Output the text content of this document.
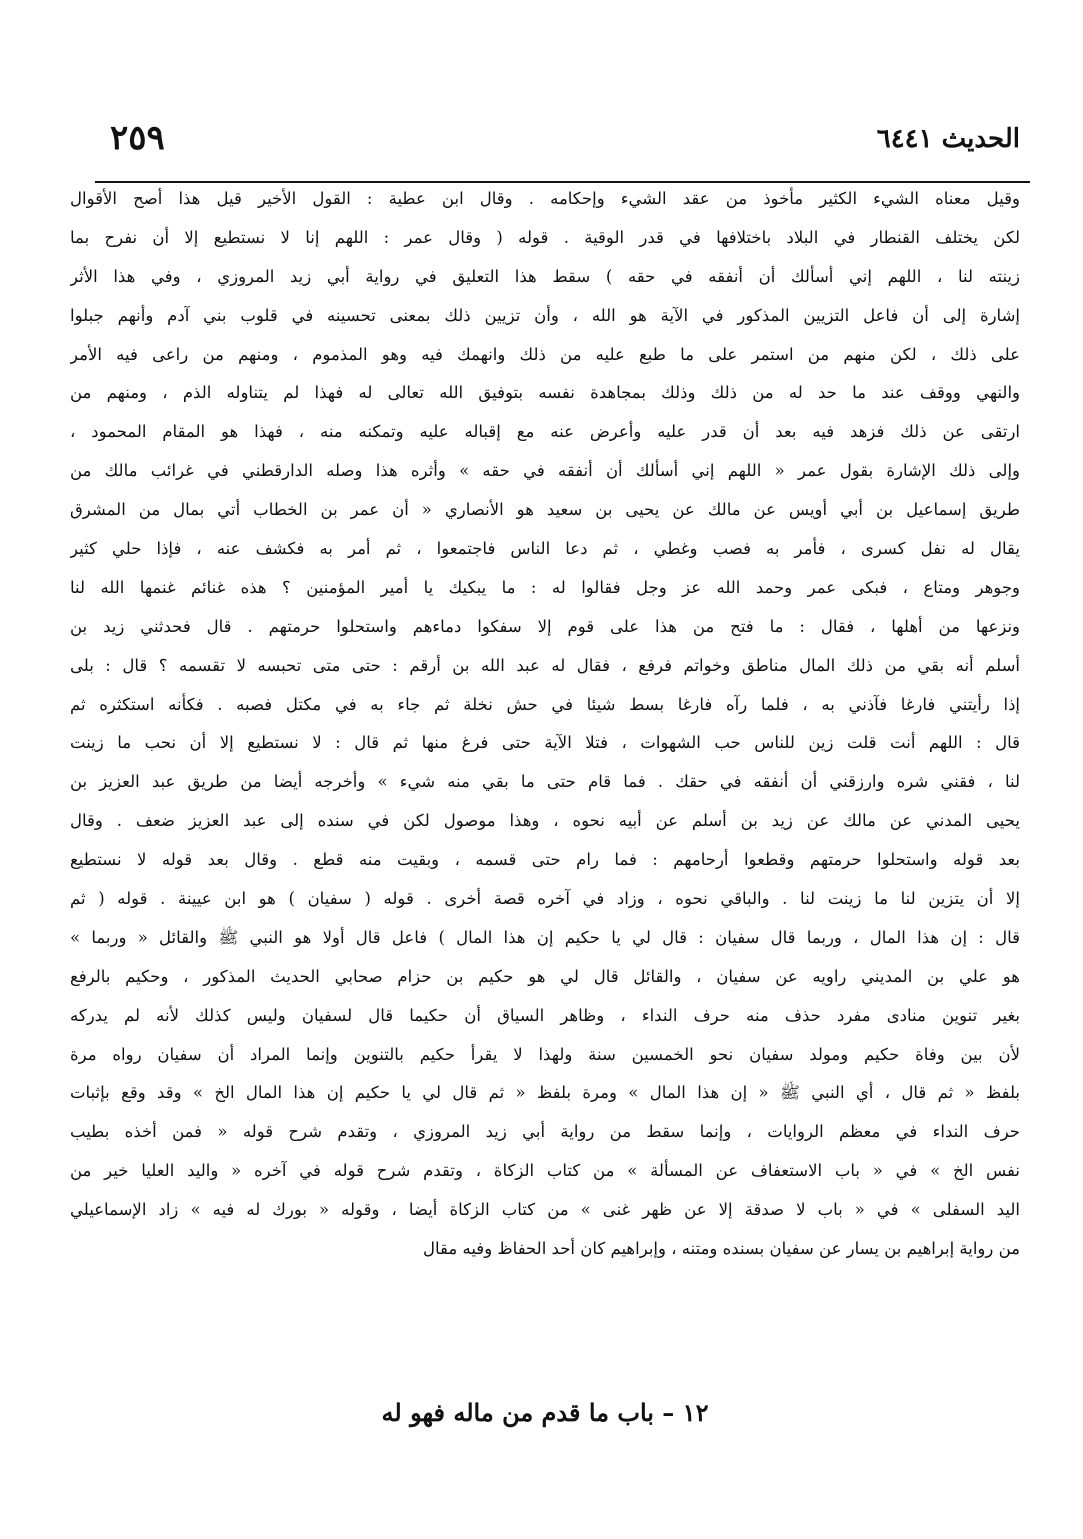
الحديث ٦٤٤١
٢٥٩
وقيل معناه الشيء الكثير مأخوذ من عقد الشيء وإحكامه . وقال ابن عطية : القول الأخير قيل هذا أصح الأقوال
لكن يختلف القنطار في البلاد باختلافها في قدر الوقية . قوله ( وقال عمر : اللهم إنا لا نستطيع إلا أن نفرح بما
زينته لنا ، اللهم إني أسألك أن أنفقه في حقه ) سقط هذا التعليق في رواية أبي زيد المروزي ، وفي هذا الأثر
إشارة إلى أن فاعل التزيين المذكور في الآية هو الله ، وأن تزيين ذلك بمعنى تحسينه في قلوب بني آدم وأنهم جبلوا
على ذلك ، لكن منهم من استمر على ما طبع عليه من ذلك وانهمك فيه وهو المذموم ، ومنهم من راعى فيه الأمر
والنهي ووقف عند ما حد له من ذلك وذلك بمجاهدة نفسه بتوفيق الله تعالى له فهذا لم يتناوله الذم ، ومنهم من
ارتقى عن ذلك فزهد فيه بعد أن قدر عليه وأعرض عنه مع إقباله عليه وتمكنه منه ، فهذا هو المقام المحمود ،
وإلى ذلك الإشارة بقول عمر « اللهم إني أسألك أن أنفقه في حقه » وأثره هذا وصله الدارقطني في غرائب مالك من
طريق إسماعيل بن أبي أويس عن مالك عن يحيى بن سعيد هو الأنصاري « أن عمر بن الخطاب أتي بمال من المشرق
يقال له نفل كسرى ، فأمر به فصب وغطي ، ثم دعا الناس فاجتمعوا ، ثم أمر به فكشف عنه ، فإذا حلي كثير
وجوهر ومتاع ، فبكى عمر وحمد الله عز وجل فقالوا له : ما يبكيك يا أمير المؤمنين ؟ هذه غنائم غنمها الله لنا
ونزعها من أهلها ، فقال : ما فتح من هذا على قوم إلا سفكوا دماءهم واستحلوا حرمتهم . قال فحدثني زيد بن
أسلم أنه بقي من ذلك المال مناطق وخواتم فرفع ، فقال له عبد الله بن أرقم : حتى متى تحبسه لا تقسمه ؟ قال : بلى
إذا رأيتني فارغا فآذني به ، فلما رآه فارغا بسط شيئا في حش نخلة ثم جاء به في مكتل فصبه . فكأنه استكثره ثم
قال : اللهم أنت قلت زين للناس حب الشهوات ، فتلا الآية حتى فرغ منها ثم قال : لا نستطيع إلا أن نحب ما زينت
لنا ، فقني شره وارزقني أن أنفقه في حقك . فما قام حتى ما بقي منه شيء » وأخرجه أيضا من طريق عبد العزيز بن
يحيى المدني عن مالك عن زيد بن أسلم عن أبيه نحوه ، وهذا موصول لكن في سنده إلى عبد العزيز ضعف . وقال
بعد قوله واستحلوا حرمتهم وقطعوا أرحامهم : فما رام حتى قسمه ، وبقيت منه قطع . وقال بعد قوله لا نستطيع
إلا أن يتزين لنا ما زينت لنا . والباقي نحوه ، وزاد في آخره قصة أخرى . قوله ( سفيان ) هو ابن عيينة . قوله ( ثم
قال : إن هذا المال ، وربما قال سفيان : قال لي يا حكيم إن هذا المال ) فاعل قال أولا هو النبي ﷺ والقائل « وربما »
هو علي بن المديني راويه عن سفيان ، والقائل قال لي هو حكيم بن حزام صحابي الحديث المذكور ، وحكيم بالرفع
بغير تنوين منادى مفرد حذف منه حرف النداء ، وظاهر السياق أن حكيما قال لسفيان وليس كذلك لأنه لم يدركه
لأن بين وفاة حكيم ومولد سفيان نحو الخمسين سنة ولهذا لا يقرأ حكيم بالتنوين وإنما المراد أن سفيان رواه مرة
بلفظ « ثم قال ، أي النبي ﷺ « إن هذا المال » ومرة بلفظ « ثم قال لي يا حكيم إن هذا المال الخ » وقد وقع بإثبات
حرف النداء في معظم الروايات ، وإنما سقط من رواية أبي زيد المروزي ، وتقدم شرح قوله « فمن أخذه بطيب
نفس الخ » في « باب الاستعفاف عن المسألة » من كتاب الزكاة ، وتقدم شرح قوله في آخره « واليد العليا خير من
اليد السفلى » في « باب لا صدقة إلا عن ظهر غنى » من كتاب الزكاة أيضا ، وقوله « بورك له فيه » زاد الإسماعيلي
من رواية إبراهيم بن يسار عن سفيان بسنده ومتنه ، وإبراهيم كان أحد الحفاظ وفيه مقال
١٢ – باب ما قدم من ماله فهو له
